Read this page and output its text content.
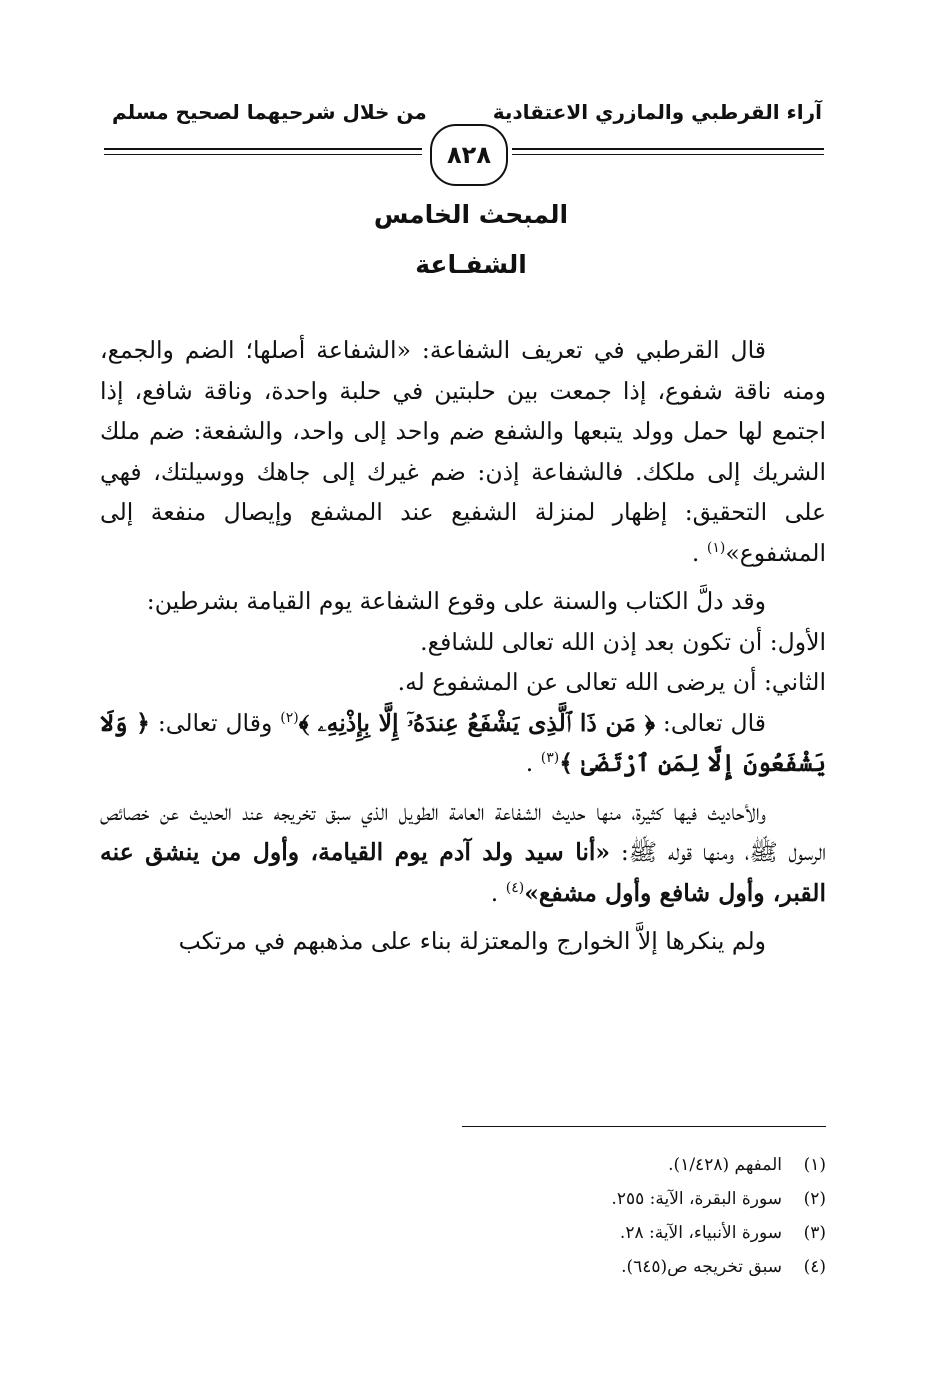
آراء القرطبي والمازري الاعتقادية
من خلال شرحيهما لصحيح مسلم
٨٢٨
المبحث الخامس
الشفـاعة

قال القرطبي في تعريف الشفاعة: «الشفاعة أصلها؛ الضم والجمع، ومنه ناقة شفوع، إذا جمعت بين حلبتين في حلبة واحدة، وناقة شافع، إذا اجتمع لها حمل وولد يتبعها والشفع ضم واحد إلى واحد، والشفعة: ضم ملك الشريك إلى ملكك. فالشفاعة إذن: ضم غيرك إلى جاهك ووسيلتك، فهي على التحقيق: إظهار لمنزلة الشفيع عند المشفع وإيصال منفعة إلى المشفوع»$^{(١)}$ .

وقد دلَّ الكتاب والسنة على وقوع الشفاعة يوم القيامة بشرطين:

الأول: أن تكون بعد إذن الله تعالى للشافع.

الثاني: أن يرضى الله تعالى عن المشفوع له.

قال تعالى: ﴿ مَن ذَا ٱلَّذِى يَشْفَعُ عِندَهُۥٓ إِلَّا بِإِذْنِهِۦ ﴾$^{(٢)}$ وقال تعالى: ﴿ وَلَا يَشْفَعُونَ إِلَّا لِمَنِ ٱرْتَضَىٰ ﴾$^{(٣)}$ .

والأحاديث فيها كثيرة، منها حديث الشفاعة العامة الطويل الذي سبق تخريجه عند الحديث عن خصائص الرسول ﷺ، ومنها قوله ﷺ: «أنا سيد ولد آدم يوم القيامة، وأول من ينشق عنه القبر، وأول شافع وأول مشفع»$^{(٤)}$ .

ولم ينكرها إلاَّ الخوارج والمعتزلة بناء على مذهبهم في مرتكب

(١)المفهم (١/٤٢٨).
(٢)سورة البقرة، الآية: ٢٥٥.
(٣)سورة الأنبياء، الآية: ٢٨.
(٤)سبق تخريجه ص(٦٤٥).
